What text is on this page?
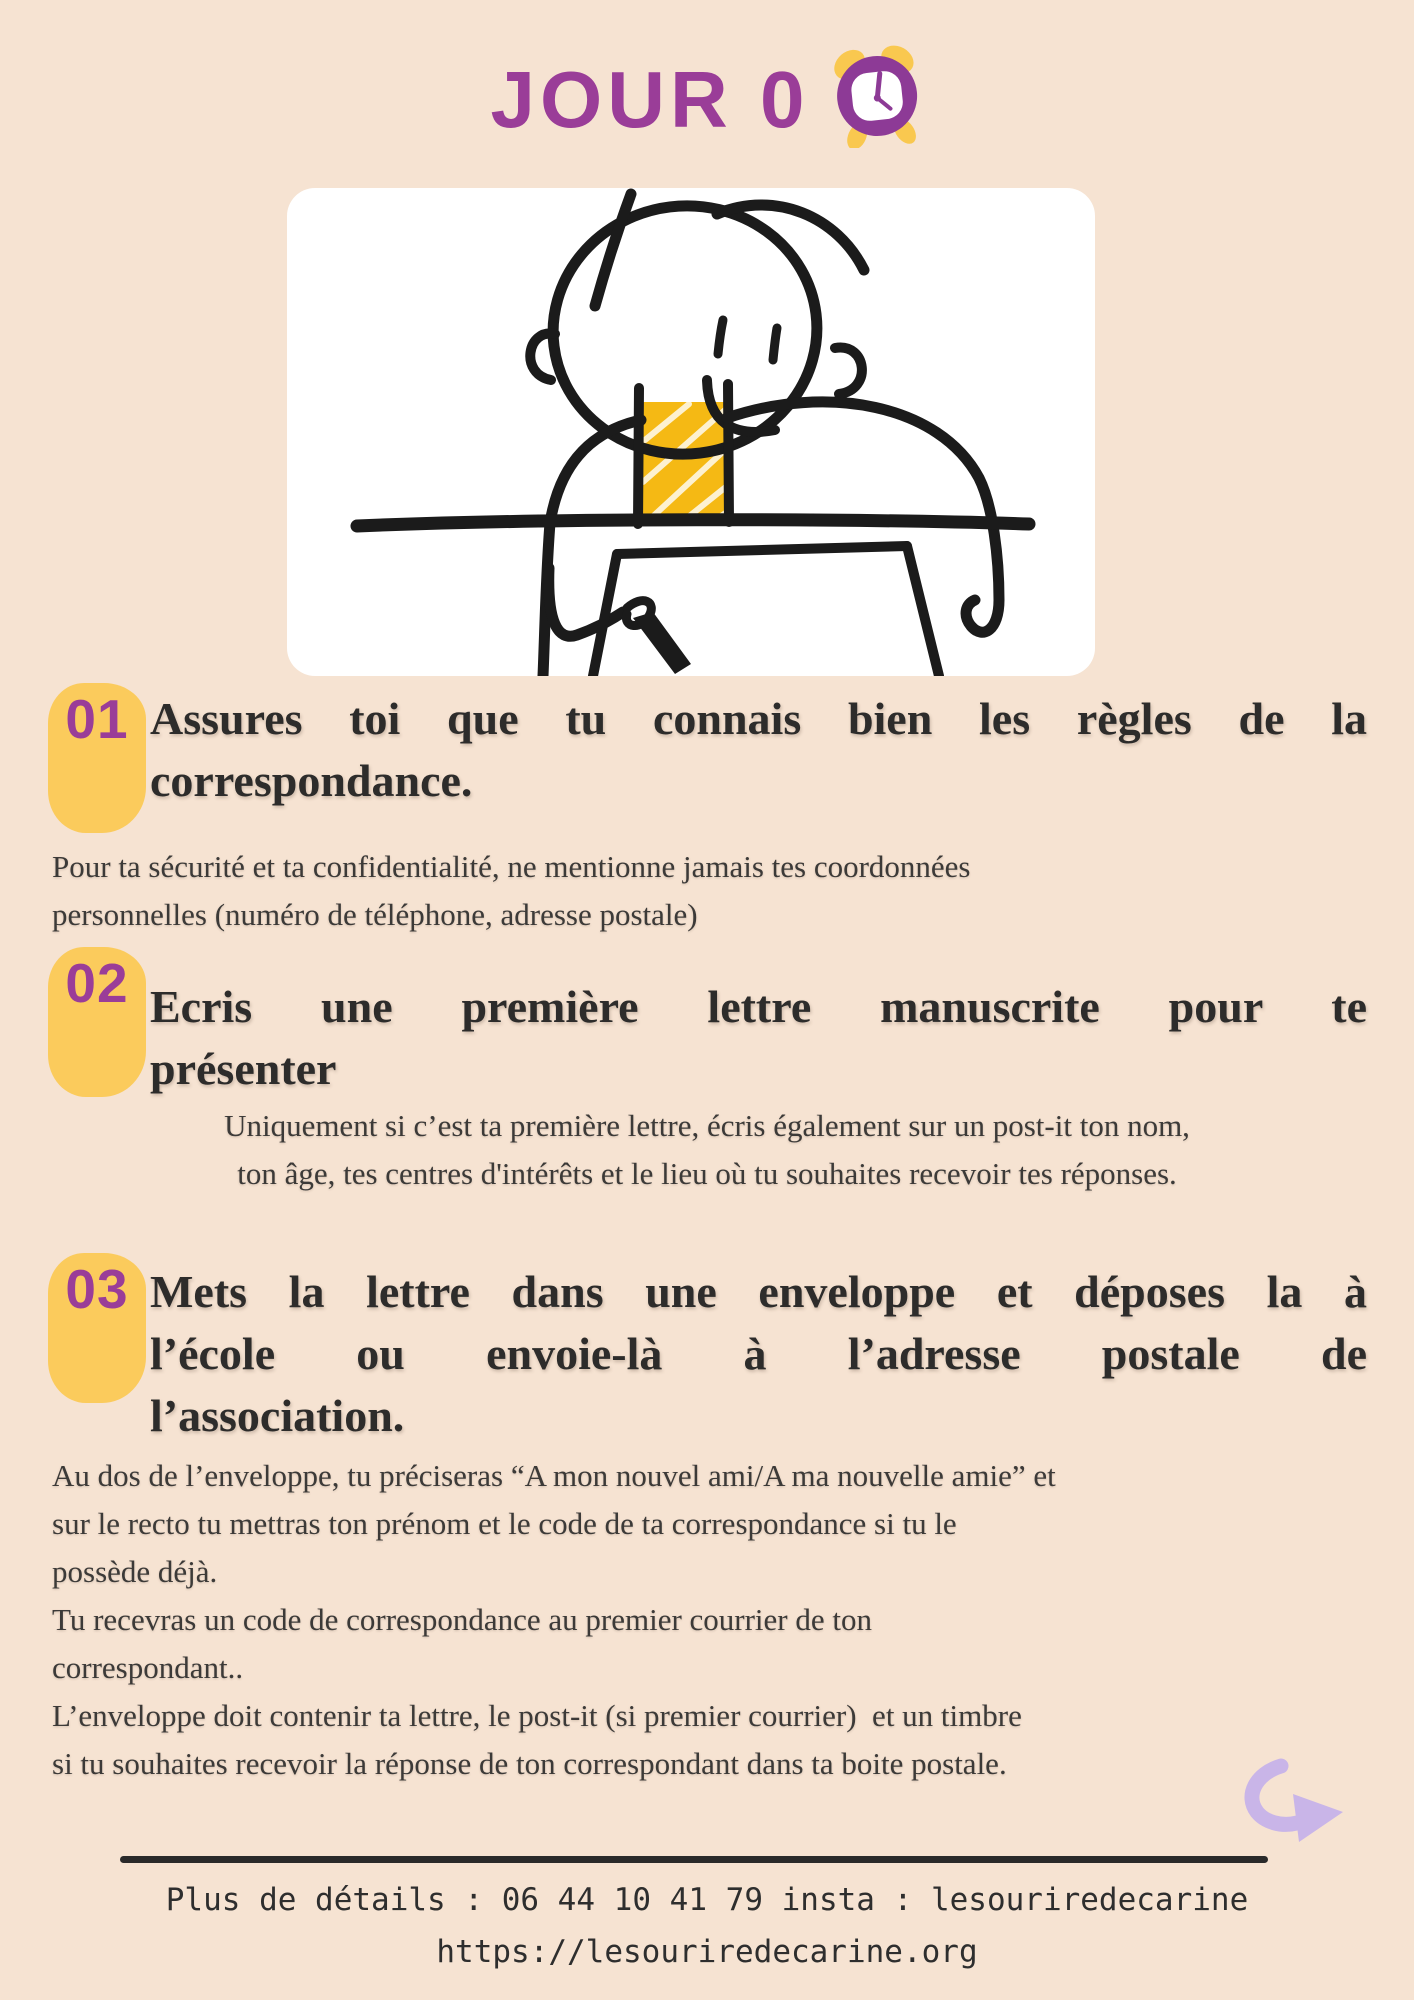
JOUR 0
01 Assures toi que tu connais bien les règles de la
correspondance.
Pour ta sécurité et ta confidentialité, ne mentionne jamais tes coordonnées
personnelles (numéro de téléphone, adresse postale)
02 Ecris une première lettre manuscrite pour te
présenter
Uniquement si c’est ta première lettre, écris également sur un post-it ton nom,
ton âge, tes centres d'intérêts et le lieu où tu souhaites recevoir tes réponses.
03 Mets la lettre dans une enveloppe et déposes la à
l’école ou envoie-là à l’adresse postale de
l’association.
Au dos de l’enveloppe, tu préciseras “A mon nouvel ami/A ma nouvelle amie” et
sur le recto tu mettras ton prénom et le code de ta correspondance si tu le
possède déjà.
Tu recevras un code de correspondance au premier courrier de ton
correspondant..
L’enveloppe doit contenir ta lettre, le post-it (si premier courrier)  et un timbre
si tu souhaites recevoir la réponse de ton correspondant dans ta boite postale.
Plus de détails : 06 44 10 41 79 insta : lesouriredecarine
https://lesouriredecarine.org
